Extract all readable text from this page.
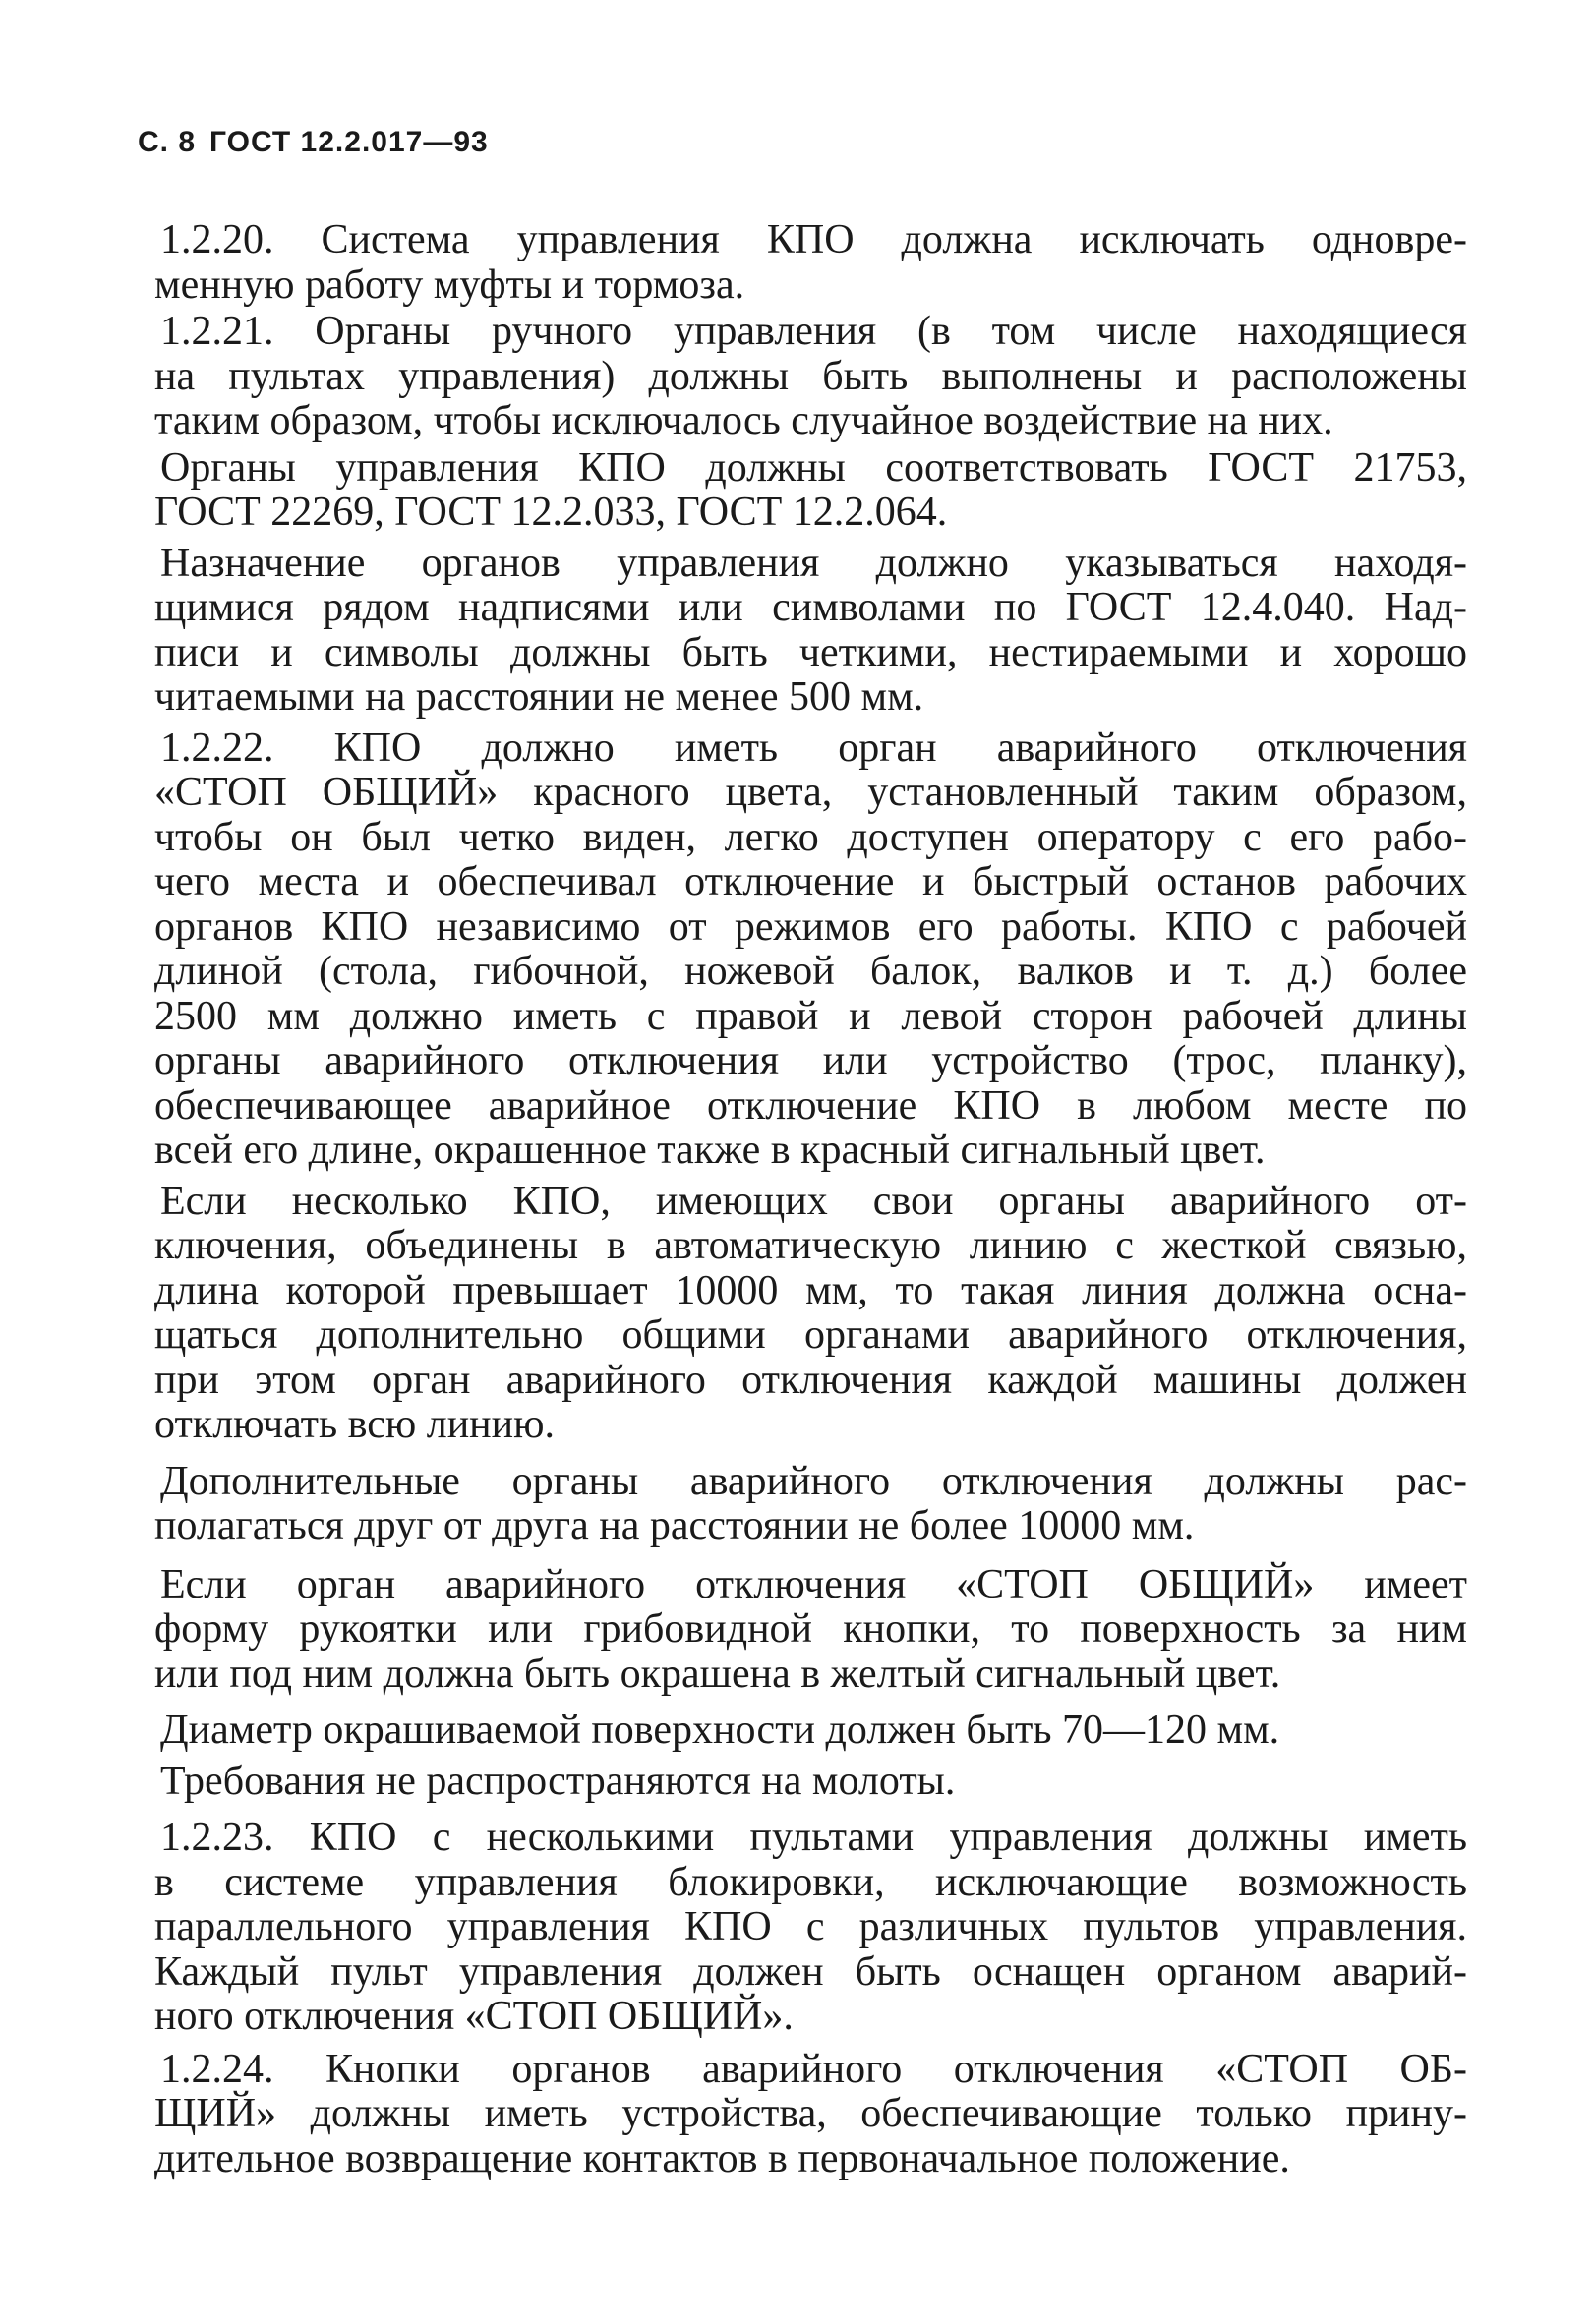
С. 8 ГОСТ 12.2.017—93
1.2.20. Система управления КПО должна исключать одновре-
менную работу муфты и тормоза.
1.2.21. Органы ручного управления (в том числе находящиеся
на пультах управления) должны быть выполнены и расположены
таким образом, чтобы исключалось случайное воздействие на них.
Органы управления КПО должны соответствовать ГОСТ 21753,
ГОСТ 22269, ГОСТ 12.2.033, ГОСТ 12.2.064.
Назначение органов управления должно указываться находя-
щимися рядом надписями или символами по ГОСТ 12.4.040. Над-
писи и символы должны быть четкими, нестираемыми и хорошо
читаемыми на расстоянии не менее 500 мм.
1.2.22. КПО должно иметь орган аварийного отключения
«СТОП ОБЩИЙ» красного цвета, установленный таким образом,
чтобы он был четко виден, легко доступен оператору с его рабо-
чего места и обеспечивал отключение и быстрый останов рабочих
органов КПО независимо от режимов его работы. КПО с рабочей
длиной (стола, гибочной, ножевой балок, валков и т. д.) более
2500 мм должно иметь с правой и левой сторон рабочей длины
органы аварийного отключения или устройство (трос, планку),
обеспечивающее аварийное отключение КПО в любом месте по
всей его длине, окрашенное также в красный сигнальный цвет.
Если несколько КПО, имеющих свои органы аварийного от-
ключения, объединены в автоматическую линию с жесткой связью,
длина которой превышает 10000 мм, то такая линия должна осна-
щаться дополнительно общими органами аварийного отключения,
при этом орган аварийного отключения каждой машины должен
отключать всю линию.
Дополнительные органы аварийного отключения должны рас-
полагаться друг от друга на расстоянии не более 10000 мм.
Если орган аварийного отключения «СТОП ОБЩИЙ» имеет
форму рукоятки или грибовидной кнопки, то поверхность за ним
или под ним должна быть окрашена в желтый сигнальный цвет.
Диаметр окрашиваемой поверхности должен быть 70—120 мм.
Требования не распространяются на молоты.
1.2.23. КПО с несколькими пультами управления должны иметь
в системе управления блокировки, исключающие возможность
параллельного управления КПО с различных пультов управления.
Каждый пульт управления должен быть оснащен органом аварий-
ного отключения «СТОП ОБЩИЙ».
1.2.24. Кнопки органов аварийного отключения «СТОП ОБ-
ЩИЙ» должны иметь устройства, обеспечивающие только прину-
дительное возвращение контактов в первоначальное положение.
